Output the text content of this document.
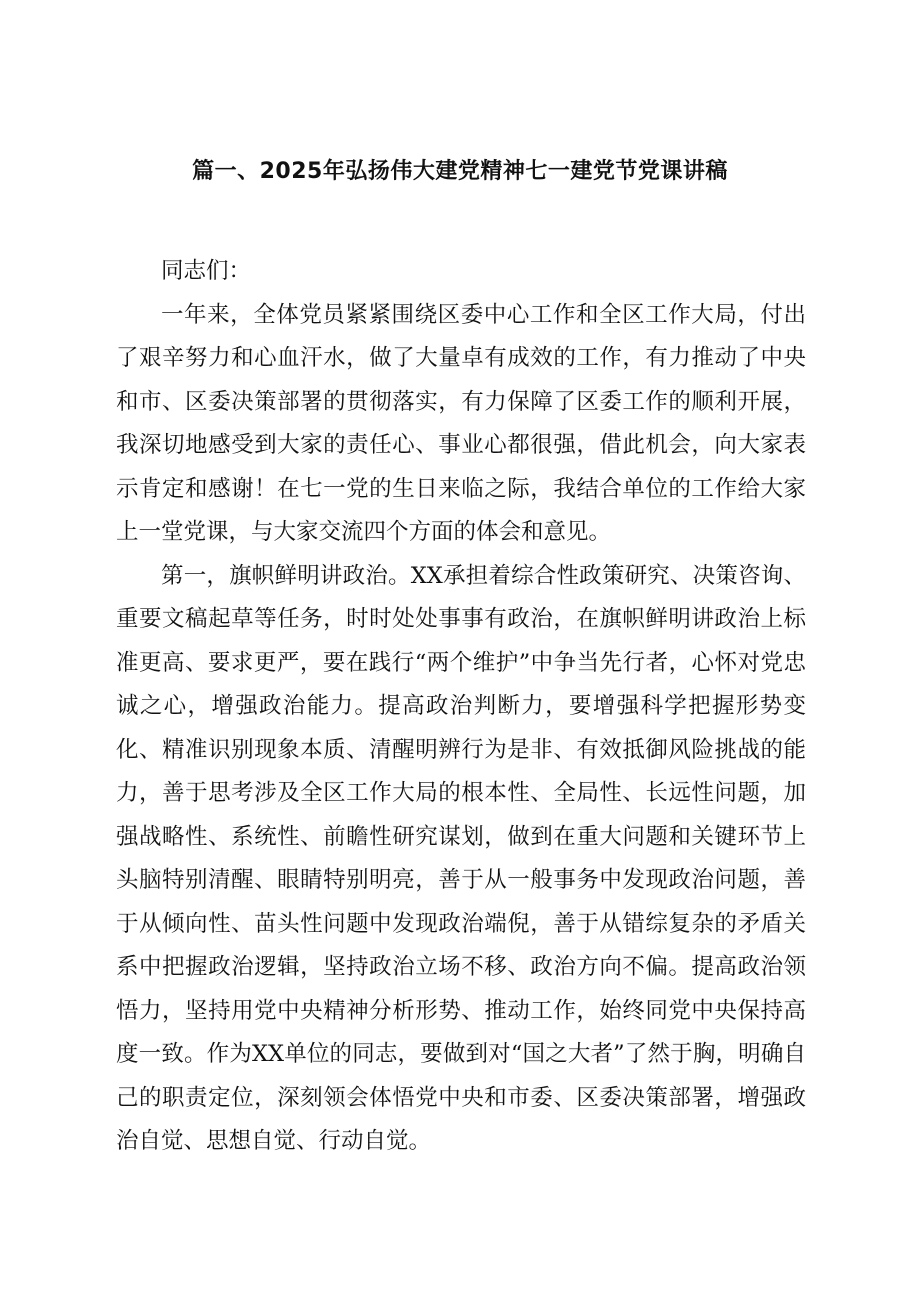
篇一、2025年弘扬伟大建党精神七一建党节党课讲稿

同志们：

一年来，全体党员紧紧围绕区委中心工作和全区工作大局，付出了艰辛努力和心血汗水，做了大量卓有成效的工作，有力推动了中央和市、区委决策部署的贯彻落实，有力保障了区委工作的顺利开展，我深切地感受到大家的责任心、事业心都很强，借此机会，向大家表示肯定和感谢！在七一党的生日来临之际，我结合单位的工作给大家上一堂党课，与大家交流四个方面的体会和意见。

第一，旗帜鲜明讲政治。XX承担着综合性政策研究、决策咨询、重要文稿起草等任务，时时处处事事有政治，在旗帜鲜明讲政治上标准更高、要求更严，要在践行“两个维护”中争当先行者，心怀对党忠诚之心，增强政治能力。提高政治判断力，要增强科学把握形势变化、精准识别现象本质、清醒明辨行为是非、有效抵御风险挑战的能力，善于思考涉及全区工作大局的根本性、全局性、长远性问题，加强战略性、系统性、前瞻性研究谋划，做到在重大问题和关键环节上头脑特别清醒、眼睛特别明亮，善于从一般事务中发现政治问题，善于从倾向性、苗头性问题中发现政治端倪，善于从错综复杂的矛盾关系中把握政治逻辑，坚持政治立场不移、政治方向不偏。提高政治领悟力，坚持用党中央精神分析形势、推动工作，始终同党中央保持高度一致。作为XX单位的同志，要做到对“国之大者”了然于胸，明确自己的职责定位，深刻领会体悟党中央和市委、区委决策部署，增强政治自觉、思想自觉、行动自觉。
